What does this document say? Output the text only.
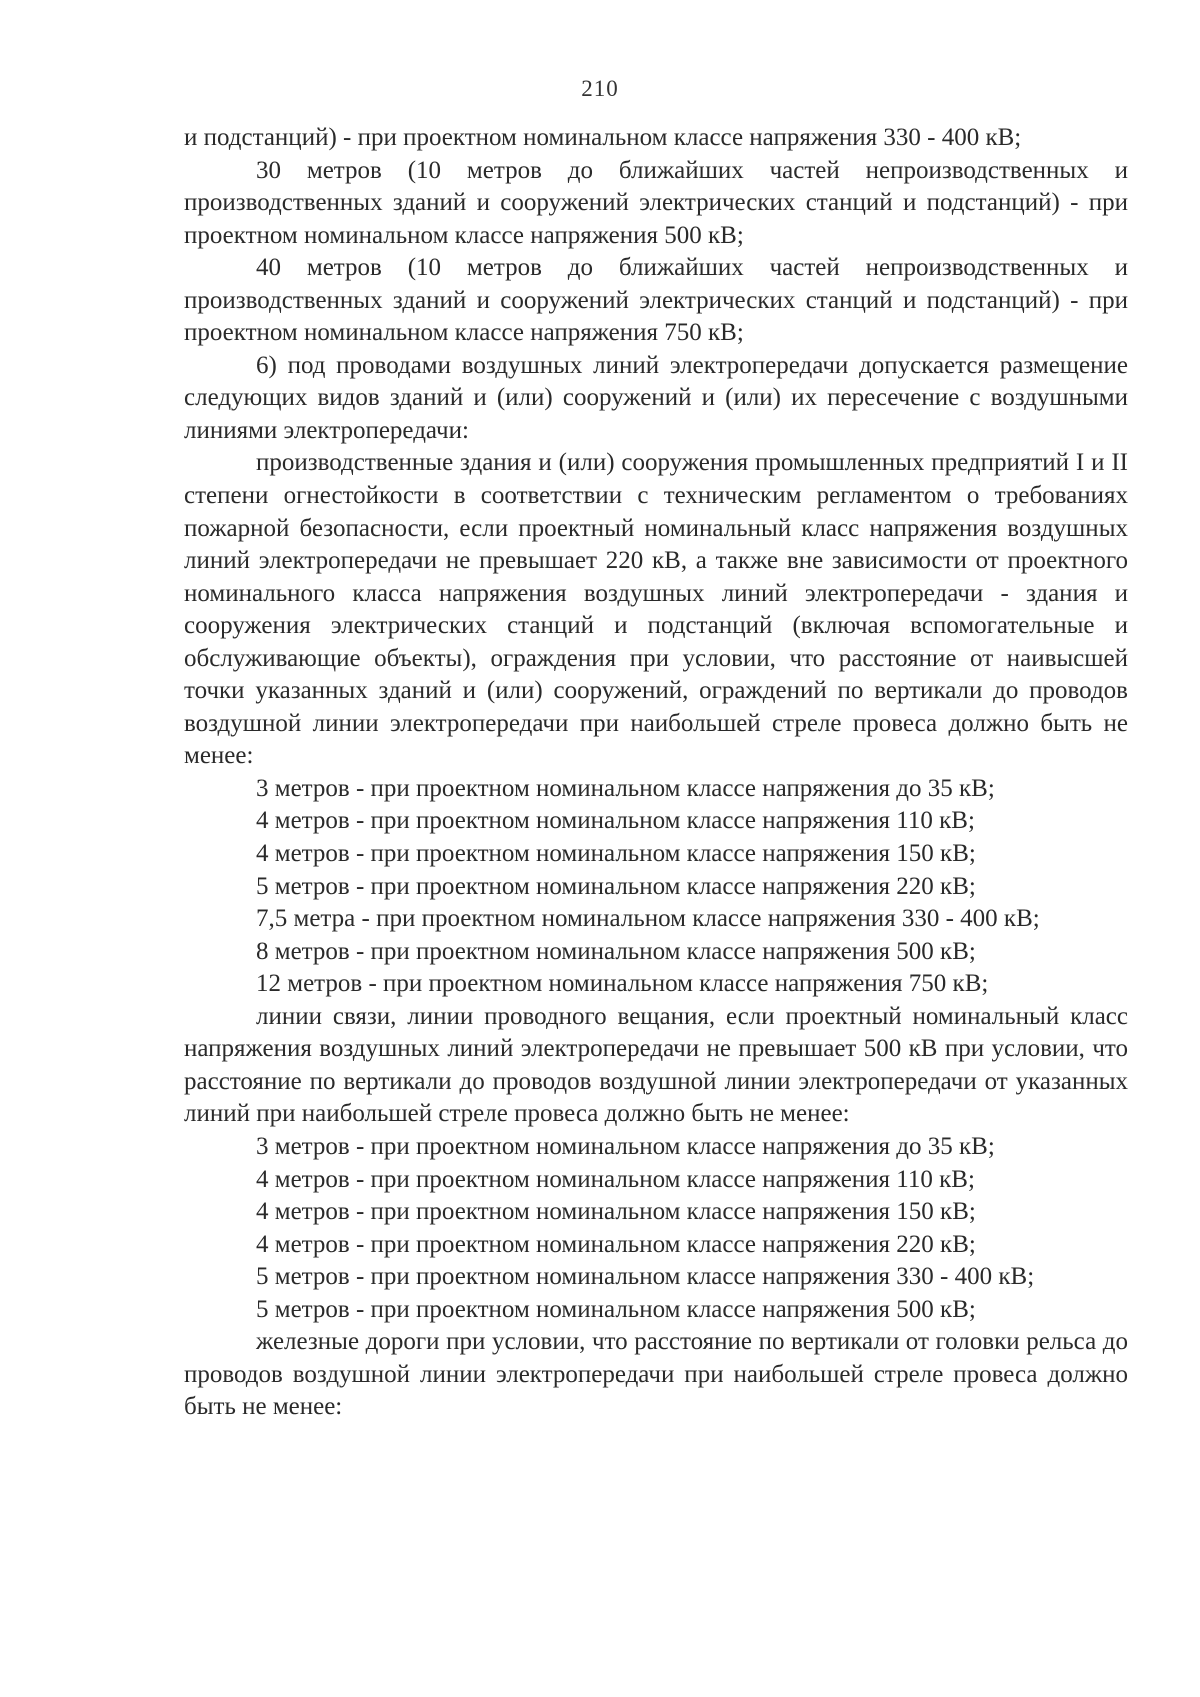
210

и подстанций) - при проектном номинальном классе напряжения 330 - 400 кВ;

30 метров (10 метров до ближайших частей непроизводственных и производственных зданий и сооружений электрических станций и подстанций) - при проектном номинальном классе напряжения 500 кВ;

40 метров (10 метров до ближайших частей непроизводственных и производственных зданий и сооружений электрических станций и подстанций) - при проектном номинальном классе напряжения 750 кВ;

6) под проводами воздушных линий электропередачи допускается размещение следующих видов зданий и (или) сооружений и (или) их пересечение с воздушными линиями электропередачи:

производственные здания и (или) сооружения промышленных предприятий I и II степени огнестойкости в соответствии с техническим регламентом о требованиях пожарной безопасности, если проектный номинальный класс напряжения воздушных линий электропередачи не превышает 220 кВ, а также вне зависимости от проектного номинального класса напряжения воздушных линий электропередачи - здания и сооружения электрических станций и подстанций (включая вспомогательные и обслуживающие объекты), ограждения при условии, что расстояние от наивысшей точки указанных зданий и (или) сооружений, ограждений по вертикали до проводов воздушной линии электропередачи при наибольшей стреле провеса должно быть не менее:

3 метров - при проектном номинальном классе напряжения до 35 кВ;

4 метров - при проектном номинальном классе напряжения 110 кВ;

4 метров - при проектном номинальном классе напряжения 150 кВ;

5 метров - при проектном номинальном классе напряжения 220 кВ;

7,5 метра - при проектном номинальном классе напряжения 330 - 400 кВ;

8 метров - при проектном номинальном классе напряжения 500 кВ;

12 метров - при проектном номинальном классе напряжения 750 кВ;

линии связи, линии проводного вещания, если проектный номинальный класс напряжения воздушных линий электропередачи не превышает 500 кВ при условии, что расстояние по вертикали до проводов воздушной линии электропередачи от указанных линий при наибольшей стреле провеса должно быть не менее:

3 метров - при проектном номинальном классе напряжения до 35 кВ;

4 метров - при проектном номинальном классе напряжения 110 кВ;

4 метров - при проектном номинальном классе напряжения 150 кВ;

4 метров - при проектном номинальном классе напряжения 220 кВ;

5 метров - при проектном номинальном классе напряжения 330 - 400 кВ;

5 метров - при проектном номинальном классе напряжения 500 кВ;

железные дороги при условии, что расстояние по вертикали от головки рельса до проводов воздушной линии электропередачи при наибольшей стреле провеса должно быть не менее:
